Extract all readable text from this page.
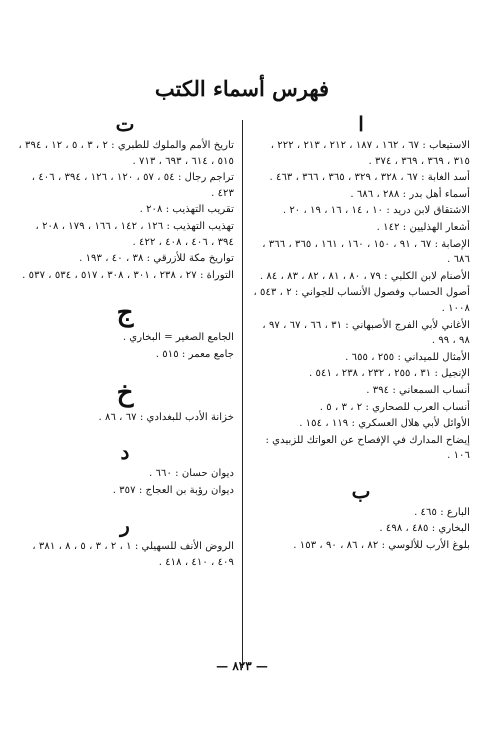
فهرس أسماء الكتب
ا
الاستيعاب : ٦٧ ، ١٦٢ ، ١٨٧ ، ٢١٢ ، ٢١٣ ، ٢٢٢ ، ٣١٥ ، ٣٦٩ ، ٣٦٩ ، ٣٧٤ .
أسد الغابة : ٦٧ ، ٣٢٨ ، ٣٢٩ ، ٣٦٥ ، ٣٦٦ ، ٤٦٣ .
أسماء أهل بدر : ٢٨٨ ، ٦٨٦ .
الاشتقاق لابن دريد : ١٠ ، ١٤ ، ١٦ ، ١٩ ، ٢٠ .
أشعار الهذليين : ١٤٢ .
الإصابة : ٦٧ ، ٩١ ، ١٥٠ ، ١٦٠ ، ١٦١ ، ٣٦٥ ، ٣٦٦ ، ٦٨٦ .
الأصنام لابن الكلبي : ٧٩ ، ٨٠ ، ٨١ ، ٨٢ ، ٨٣ ، ٨٤ .
أصول الحساب وفصول الأنساب للجواني : ٢ ، ٥٤٣ ، ١٠٠٨ .
الأغاني لأبي الفرج الأصبهاني : ٣١ ، ٦٦ ، ٦٧ ، ٩٧ ، ٩٨ ، ٩٩ .
الأمثال للميداني : ٢٥٥ ، ٦٥٥ .
الإنجيل : ٣١ ، ٢٥٥ ، ٢٣٢ ، ٢٣٨ ، ٥٤١ .
أنساب السمعاني : ٣٩٤ .
أنساب العرب للصحاري : ٢ ، ٣ ، ٥ .
الأوائل لأبي هلال العسكري : ١١٩ ، ١٥٤ .
إيضاح المدارك في الإفصاح عن العواتك للزبيدي : ١٠٦ .
ب
البارع : ٤٦٥ .
البخاري : ٤٨٥ ، ٤٩٨ .
بلوغ الأرب للألوسي : ٨٢ ، ٨٦ ، ٩٠ ، ١٥٣ .
ت
تاريخ الأمم والملوك للطبري : ٢ ، ٣ ، ٥ ، ١٢ ، ٣٩٤ ، ٥١٥ ، ٦١٤ ، ٦٩٣ ، ٧١٣ .
تراجم رجال : ٥٤ ، ٥٧ ، ١٢٠ ، ١٢٦ ، ٣٩٤ ، ٤٠٦ ، ٤٢٣ .
تقريب التهذيب : ٢٠٨ .
تهذيب التهذيب : ١٢٦ ، ١٤٢ ، ١٦٦ ، ١٧٩ ، ٢٠٨ ، ٣٩٤ ، ٤٠٦ ، ٤٠٨ ، ٤٢٢ .
تواريخ مكة للأزرقي : ٣٨ ، ٤٠ ، ١٩٣ .
التوراة : ٢٧ ، ٢٣٨ ، ٣٠١ ، ٣٠٨ ، ٥١٧ ، ٥٣٤ ، ٥٣٧ .
ج
الجامع الصغير = البخاري .
جامع معمر : ٥١٥ .
خ
خزانة الأدب للبغدادي : ٦٧ ، ٨٦ .
د
ديوان حسان : ٦٦٠ .
ديوان رؤبة بن العجاج : ٣٥٧ .
ر
الروض الأنف للسهيلي : ١ ، ٢ ، ٣ ، ٥ ، ٨ ، ٣٨١ ، ٤٠٩ ، ٤١٠ ، ٤١٨ .
— ٨٢٣ —
